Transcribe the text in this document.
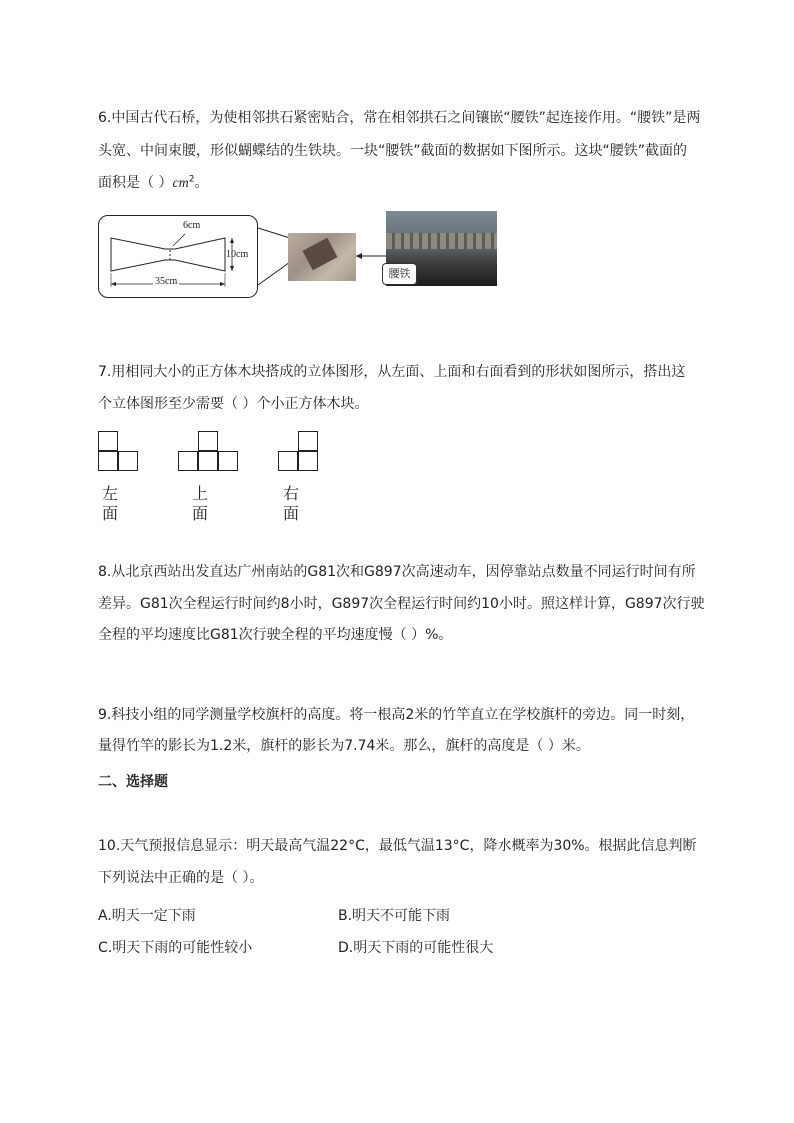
6.中国古代石桥，为使相邻拱石紧密贴合，常在相邻拱石之间镶嵌“腰铁”起连接作用。“腰铁”是两
头宽、中间束腰，形似蝴蝶结的生铁块。一块“腰铁”截面的数据如下图所示。这块“腰铁”截面的
面积是（ ）$cm^2$。
6cm
10cm
35cm
腰铁
7.用相同大小的正方体木块搭成的立体图形，从左面、上面和右面看到的形状如图所示，搭出这
个立体图形至少需要（ ）个小正方体木块。
左面
上面
右面
8.从北京西站出发直达广州南站的G81次和G897次高速动车，因停靠站点数量不同运行时间有所
差异。G81次全程运行时间约8小时，G897次全程运行时间约10小时。照这样计算，G897次行驶
全程的平均速度比G81次行驶全程的平均速度慢（ ）%。
9.科技小组的同学测量学校旗杆的高度。将一根高2米的竹竿直立在学校旗杆的旁边。同一时刻，
量得竹竿的影长为1.2米，旗杆的影长为7.74米。那么，旗杆的高度是（ ）米。
二、选择题
10.天气预报信息显示：明天最高气温22°C，最低气温13°C，降水概率为30%。根据此信息判断
下列说法中正确的是（ ）。
A.明天一定下雨	B.明天不可能下雨
C.明天下雨的可能性较小	D.明天下雨的可能性很大
